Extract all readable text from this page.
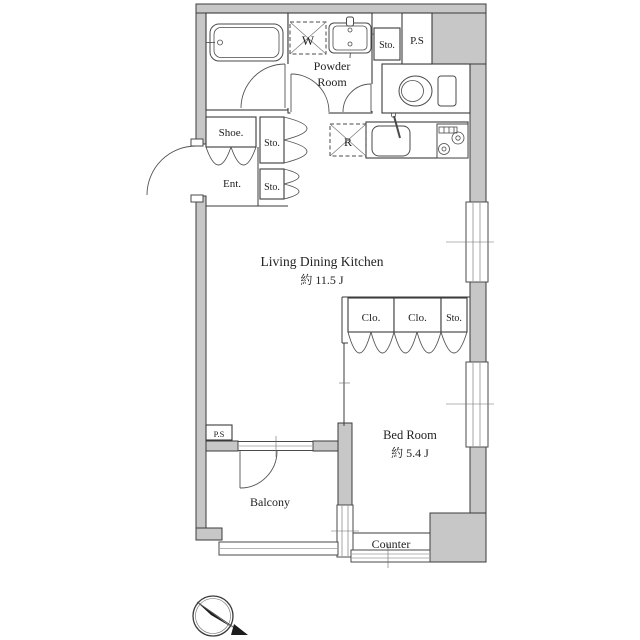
Powder
Room
W	Sto. P.S
Shoe.
Ent.
Sto.
Sto.
R
Living Dining Kitchen
約 11.5 J
Clo.	Clo. Sto.
Bed Room
約 5.4 J
P.S
Balcony
Counter
